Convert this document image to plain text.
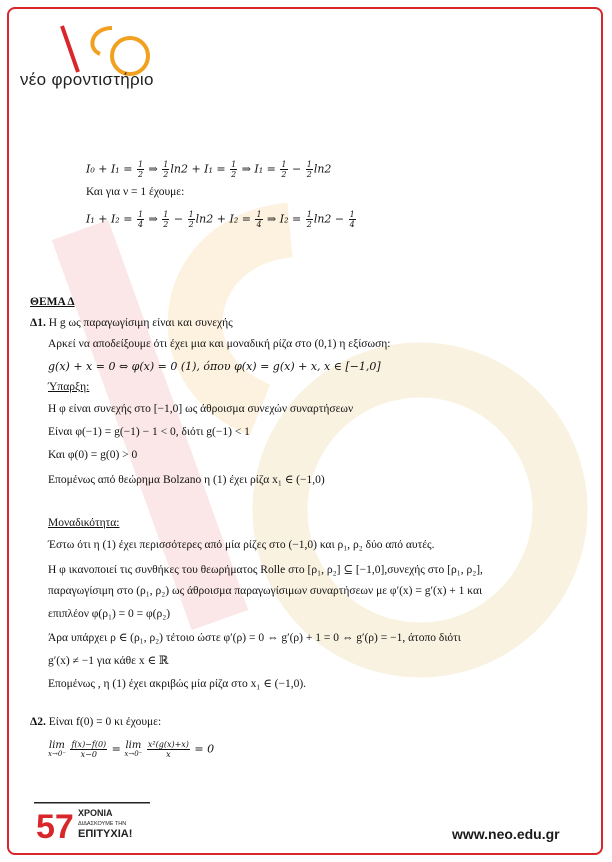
νέο φροντιστήριο
$I_0 + I_1 = \frac{1}{2}$ ⇒ $\frac{1}{2} \ln 2 + I_1 = \frac{1}{2}$ ⇒ $I_1 = \frac{1}{2} - \frac{1}{2} \ln 2$
Και για ν = 1 έχουμε:
$I_1 + I_2 = \frac{1}{4}$ ⇒ $\frac{1}{2} - \frac{1}{2} \ln 2 + I_2 = \frac{1}{4}$ ⇒ $I_2 = \frac{1}{2} \ln 2 - \frac{1}{4}$
ΘΕΜΑ Δ
Δ1. Η g ως παραγωγίσιμη είναι και συνεχής
Αρκεί να αποδείξουμε ότι έχει μια και μοναδική ρίζα στο (0,1) η εξίσωση:
g(x) + x = 0 ⇔ φ(x) = 0 (1), όπου φ(x) = g(x) + x, x ∈ [−1,0]
Ύπαρξη:
Η φ είναι συνεχής στο [−1,0] ως άθροισμα συνεχών συναρτήσεων
Είναι φ(−1) = g(−1) − 1 < 0, διότι g(−1) < 1
Και φ(0) = g(0) > 0
Επομένως από θεώρημα Bolzano η (1) έχει ρίζα x₁ ∈ (−1,0)
Μοναδικότητα:
Έστω ότι η (1) έχει περισσότερες από μία ρίζες στο (−1,0) και ρ₁, ρ₂ δύο από αυτές.
Η φ ικανοποιεί τις συνθήκες του θεωρήματος Rolle στο [ρ₁, ρ₂] ⊆ [−1,0],συνεχής στο [ρ₁, ρ₂],
παραγωγίσιμη στο (ρ₁, ρ₂) ως άθροισμα παραγωγίσιμων συναρτήσεων με φ′(x) = g′(x) + 1 και
επιπλέον φ(ρ₁) = 0 = φ(ρ₂)
Άρα υπάρχει ρ ∈ (ρ₁, ρ₂) τέτοιο ώστε φ′(ρ) = 0 ⇔ g′(ρ) + 1 = 0 ⇔ g′(ρ) = −1, άτοπο διότι
g′(x) ≠ −1 για κάθε x ∈ ℝ
Επομένως , η (1) έχει ακριβώς μία ρίζα στο x₁ ∈ (−1,0).
Δ2. Είναι f(0) = 0 κι έχουμε:
lim
x→0⁻
$\frac{f(x)-f(0)}{x-0} = \lim$
x→0⁻
$\frac{\text{x²(g(x)+x)}}{x} = 0$
57 ΧΡΟΝΙΑ
ΔΙΔΑΣΚΟΥΜΕ ΤΗΝ
ΕΠΙΤΥΧΙΑ!	www.neo.edu.gr
